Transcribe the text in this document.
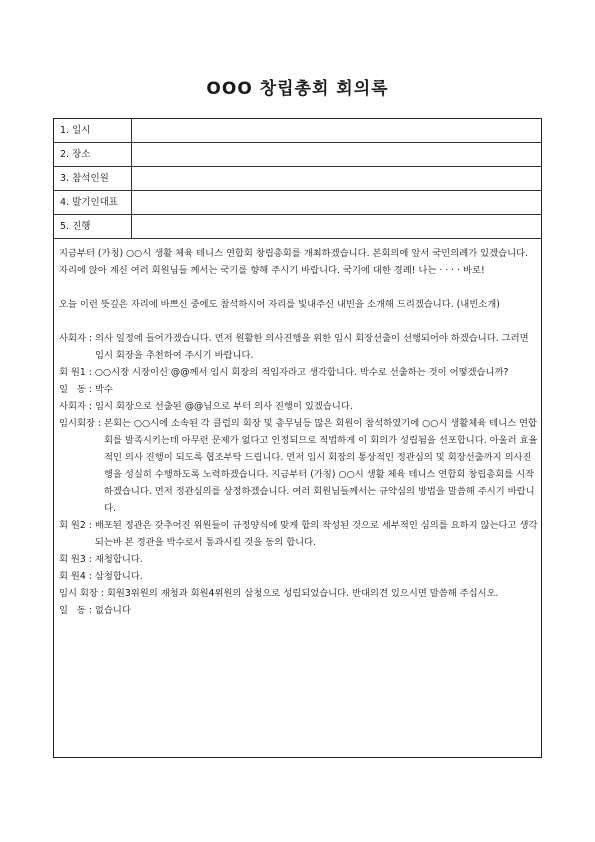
OOO 창립총회 회의록
1. 일시
2. 장소
3. 참석인원
4. 발기인대표
5. 진행

지금부터 (가칭) ○○시 생활 체육 테니스 연합회 창립총회를 개최하겠습니다. 본회의에 앞서 국민의례가 있겠습니다. 자리에 앉아 계신 여러 회원님들 께서는 국기를 향해 주시기 바랍니다. 국기에 대한 경례! 나는 · · · · 바로!

오늘 이런 뜻깊은 자리에 바쁘신 중에도 참석하시어 자리를 빛내주신 내빈을 소개해 드리겠습니다. (내빈소개)

사회자 : 의사 일정에 들어가겠습니다. 먼저 원활한 의사진행을 위한 임시 회장선출이 선행되어야 하겠습니다. 그러면 임시 회장을 추천하여 주시기 바랍니다.
회 원1 : ○○시장 시장이신 @@께서 임시 회장의 적임자라고 생각합니다. 박수로 선출하는 것이 어떻겠습니까?
일   동 : 박수
사회자 : 임시 회장으로 선출된 @@님으로 부터 의사 진행이 있겠습니다.
임시회장 : 본회는 ○○시에 소속된 각 클럽의 회장 및 총무님등 많은 회원이 참석하였기에 ○○시 생활체육 테니스 연합회를 발족시키는데 아무런 문제가 없다고 인정되므로 적법하게 이 회의가 성립됨을 선포합니다. 아울러 효율적인 의사 진행이 되도록 협조부탁 드립니다. 먼저 임시 회장의 통상적인 정관심의 및 회장선출까지 의사진행을 성실히 수행하도록 노력하겠습니다. 지금부터 (가칭) ○○시 생활 체육 테니스 연합회 창립총회를 시작하겠습니다. 먼저 정관심의를 상정하겠습니다. 여러 회원님들께서는 규약심의 방법을 말씀해 주시기 바랍니다.
회 원2 : 배포된 정관은 갖추어진 위원들이 규정양식에 맞게 합의 작성된 것으로 세부적인 심의를 요하지 않는다고 생각되는바 본 정관을 박수로서 통과시킬 것을 동의 합니다.
회 원3 : 재청합니다.
회 원4 : 삼청합니다.
임시 회장 : 회원3위원의 재청과 회원4위원의 삼청으로 성립되었습니다. 반대의견 있으시면 말씀해 주십시오.
일   동 : 없습니다
